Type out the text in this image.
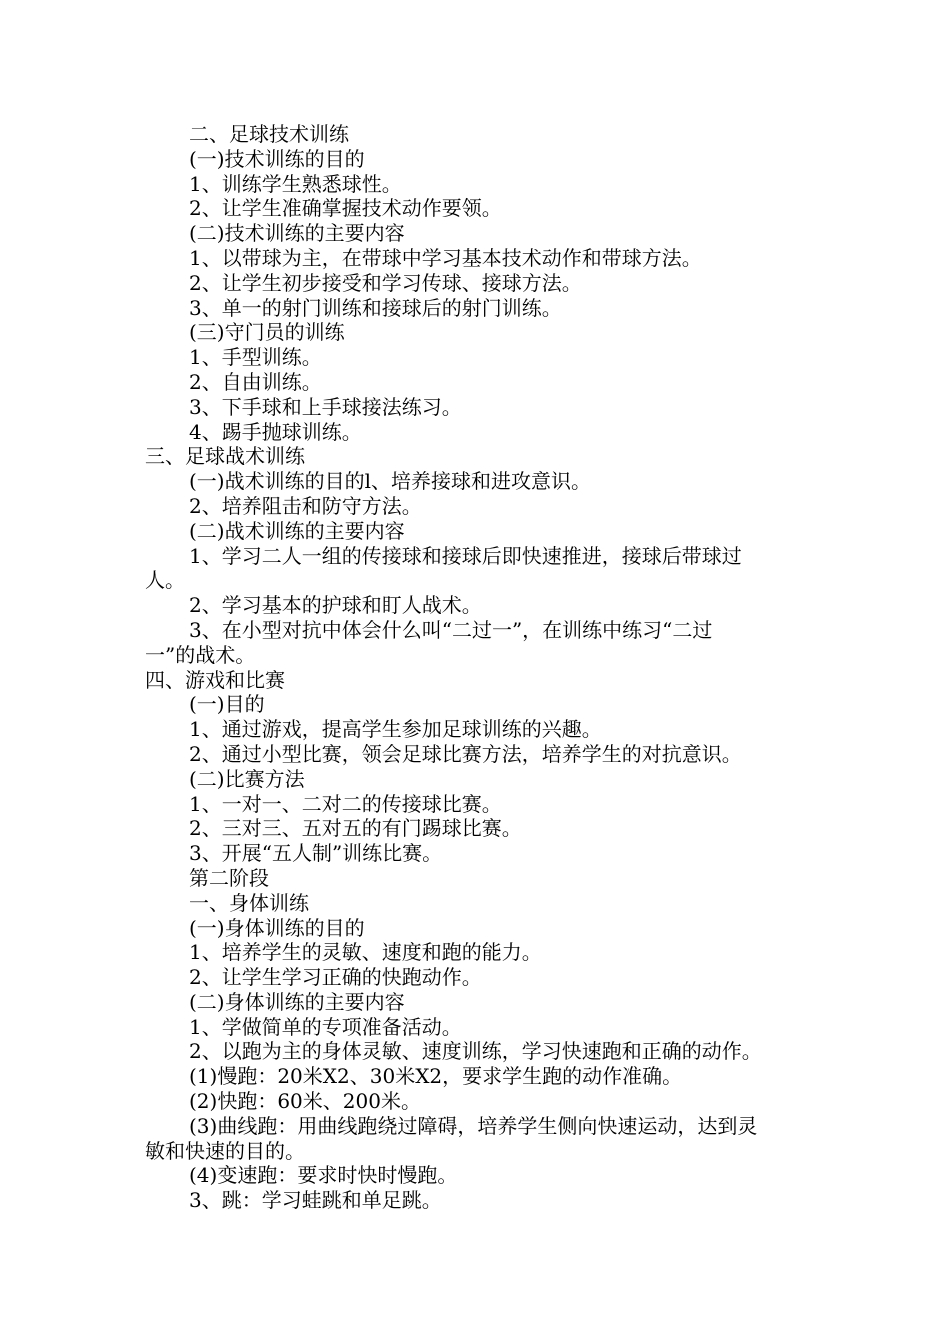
二、足球技术训练
(一)技术训练的目的
1、训练学生熟悉球性。
2、让学生准确掌握技术动作要领。
(二)技术训练的主要内容
1、以带球为主，在带球中学习基本技术动作和带球方法。
2、让学生初步接受和学习传球、接球方法。
3、单一的射门训练和接球后的射门训练。
(三)守门员的训练
1、手型训练。
2、自由训练。
3、下手球和上手球接法练习。
4、踢手抛球训练。
三、足球战术训练
(一)战术训练的目的l、培养接球和进攻意识。
2、培养阻击和防守方法。
(二)战术训练的主要内容
1、学习二人一组的传接球和接球后即快速推进，接球后带球过
人。
2、学习基本的护球和盯人战术。
3、在小型对抗中体会什么叫“二过一”，在训练中练习“二过
一”的战术。
四、游戏和比赛
(一)目的
1、通过游戏，提高学生参加足球训练的兴趣。
2、通过小型比赛，领会足球比赛方法，培养学生的对抗意识。
(二)比赛方法
1、一对一、二对二的传接球比赛。
2、三对三、五对五的有门踢球比赛。
3、开展“五人制”训练比赛。
第二阶段
一、身体训练
(一)身体训练的目的
1、培养学生的灵敏、速度和跑的能力。
2、让学生学习正确的快跑动作。
(二)身体训练的主要内容
1、学做简单的专项准备活动。
2、以跑为主的身体灵敏、速度训练，学习快速跑和正确的动作。
(1)慢跑：20米X2、30米X2，要求学生跑的动作准确。
(2)快跑：60米、200米。
(3)曲线跑：用曲线跑绕过障碍，培养学生侧向快速运动，达到灵
敏和快速的目的。
(4)变速跑：要求时快时慢跑。
3、跳：学习蛙跳和单足跳。
